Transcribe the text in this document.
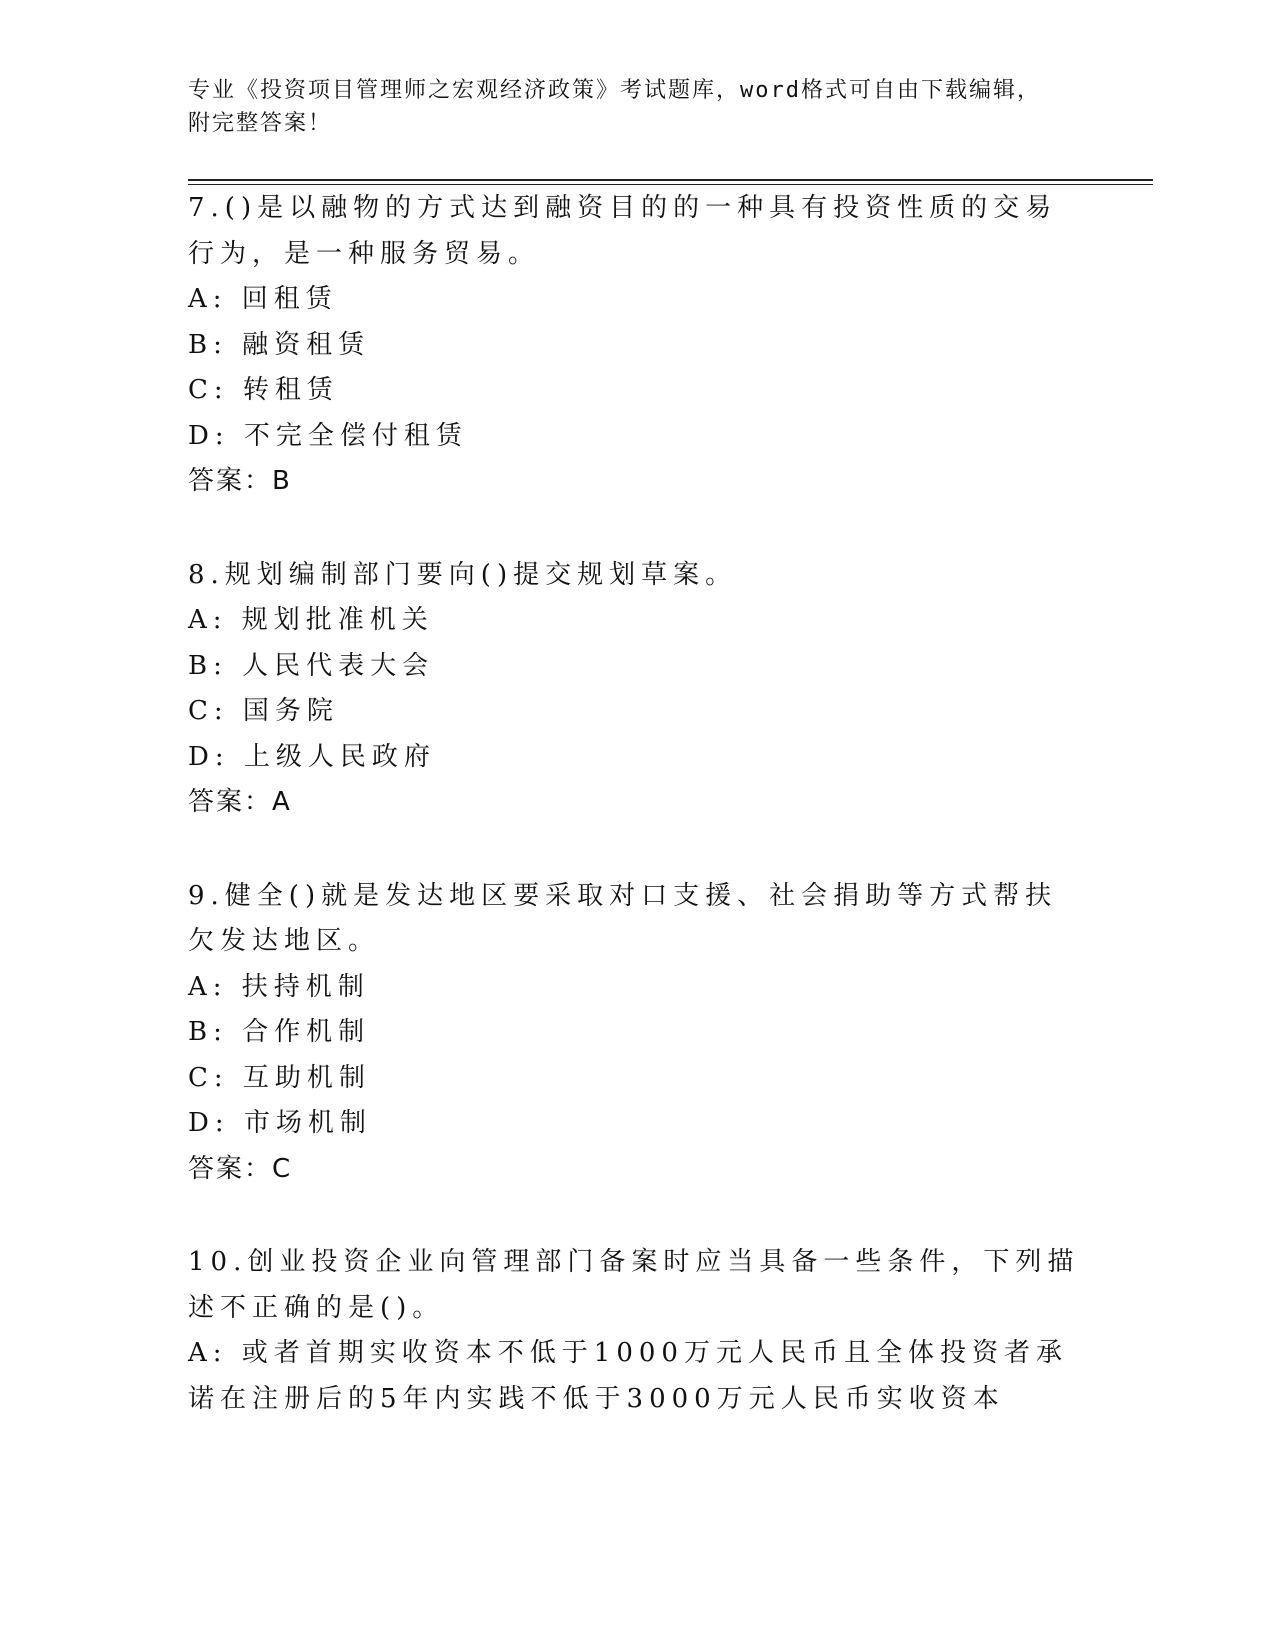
专业《投资项目管理师之宏观经济政策》考试题库，word格式可自由下载编辑，
附完整答案！
7.()是以融物的方式达到融资目的的一种具有投资性质的交易行为，是一种服务贸易。
A: 回租赁
B: 融资租赁
C: 转租赁
D: 不完全偿付租赁
答案：B
8.规划编制部门要向()提交规划草案。
A: 规划批准机关
B: 人民代表大会
C: 国务院
D: 上级人民政府
答案：A
9.健全()就是发达地区要采取对口支援、社会捐助等方式帮扶欠发达地区。
A: 扶持机制
B: 合作机制
C: 互助机制
D: 市场机制
答案：C
10.创业投资企业向管理部门备案时应当具备一些条件，下列描述不正确的是()。
A: 或者首期实收资本不低于1000万元人民币且全体投资者承诺在注册后的5年内实践不低于3000万元人民币实收资本
